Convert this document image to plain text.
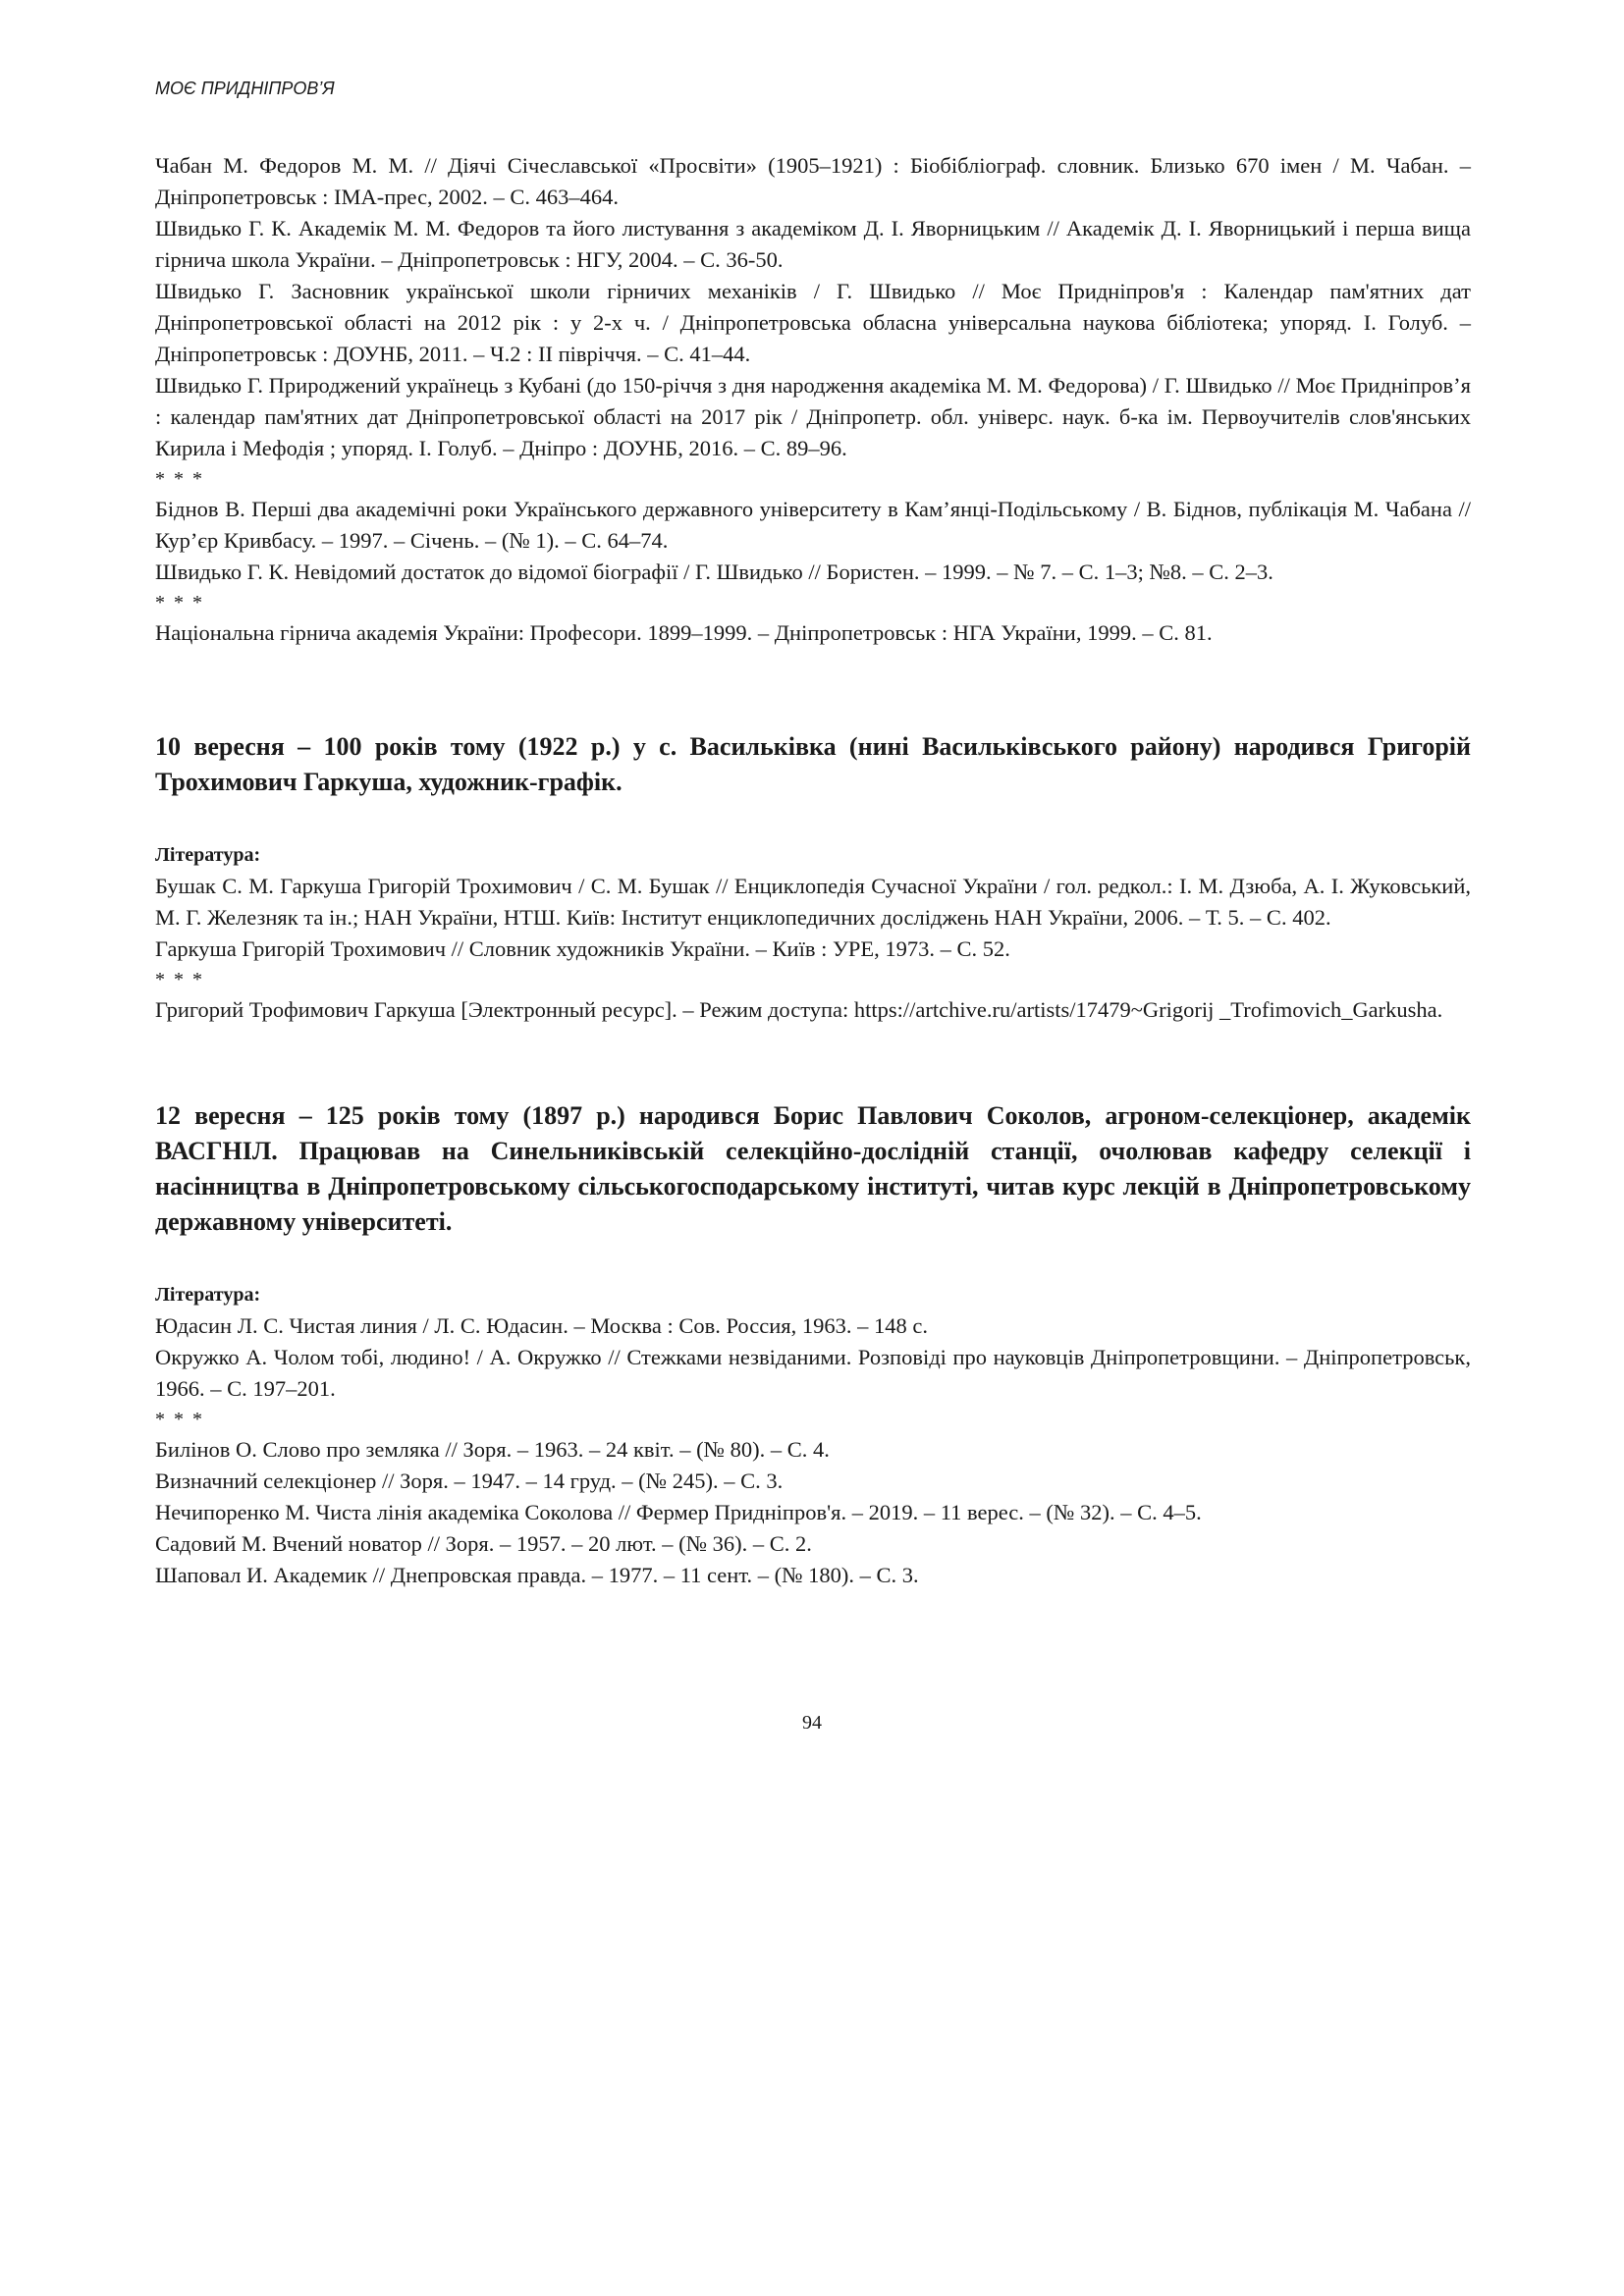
МОЄ ПРИДНІПРОВ’Я

Чабан М. Федоров М. М. // Діячі Січеславської «Просвіти» (1905–1921) : Біобібліограф. словник. Близько 670 імен / М. Чабан. – Дніпропетровськ : ІМА-прес, 2002. – С. 463–464.

Швидько Г. К. Академік М. М. Федоров та його листування з академіком Д. І. Яворницьким // Академік Д. І. Яворницький і перша вища гірнича школа України. – Дніпропетровськ : НГУ, 2004. – С. 36-50.

Швидько Г. Засновник української школи гірничих механіків / Г. Швидько // Моє Придніпров'я : Календар пам'ятних дат Дніпропетровської області на 2012 рік : у 2-х ч. / Дніпропетровська обласна універсальна наукова бібліотека; упоряд. І. Голуб. – Дніпропетровськ : ДОУНБ, 2011. – Ч.2 : ІІ півріччя. – С. 41–44.

Швидько Г. Природжений українець з Кубані (до 150-річчя з дня народження академіка М. М. Федорова) / Г. Швидько // Моє Придніпров’я : календар пам'ятних дат Дніпропетровської області на 2017 рік / Дніпропетр. обл. універс. наук. б-ка ім. Первоучителів слов'янських Кирила і Мефодія ; упоряд. І. Голуб. – Дніпро : ДОУНБ, 2016. – С. 89–96.

* * *

Біднов В. Перші два академічні роки Українського державного університету в Кам’янці-Подільському / В. Біднов, публікація М. Чабана // Кур’єр Кривбасу. – 1997. – Січень. – (№ 1). – С. 64–74.

Швидько Г. К. Невідомий достаток до відомої біографії / Г. Швидько // Бористен. – 1999. – № 7. – С. 1–3; №8. – С. 2–3.

* * *

Національна гірнича академія України: Професори. 1899–1999. – Дніпропетровськ : НГА України, 1999. – С. 81.

10 вересня – 100 років тому (1922 р.) у с. Васильківка (нині Васильківського району) народився Григорій Трохимович Гаркуша, художник-графік.

Література:

Бушак С. М. Гаркуша Григорій Трохимович / С. М. Бушак // Енциклопедія Сучасної України / гол. редкол.: І. М. Дзюба, А. І. Жуковський, М. Г. Железняк та ін.; НАН України, НТШ. Київ: Інститут енциклопедичних досліджень НАН України, 2006. – Т. 5. – С. 402.

Гаркуша Григорій Трохимович // Словник художників України. – Київ : УРЕ, 1973. – С. 52.

* * *

Григорий Трофимович Гаркуша [Электронный ресурс]. – Режим доступа: https://artchive.ru/artists/17479~Grigorij _Trofimovich_Garkusha.

12 вересня – 125 років тому (1897 р.) народився Борис Павлович Соколов, агроном-селекціонер, академік ВАСГНІЛ. Працював на Синельниківській селекційно-дослідній станції, очолював кафедру селекції і насінництва в Дніпропетровському сільськогосподарському інституті, читав курс лекцій в Дніпропетровському державному університеті.

Література:

Юдасин Л. С. Чистая линия / Л. С. Юдасин. – Москва : Сов. Россия, 1963. – 148 с.

Окружко А. Чолом тобі, людино! / А. Окружко // Стежками незвіданими. Розповіді про науковців Дніпропетровщини. – Дніпропетровськ, 1966. – С. 197–201.

* * *

Билінов О. Слово про земляка // Зоря. – 1963. – 24 квіт. – (№ 80). – С. 4.

Визначний селекціонер // Зоря. – 1947. – 14 груд. – (№ 245). – С. 3.

Нечипоренко М. Чиста лінія академіка Соколова // Фермер Придніпров'я. – 2019. – 11 верес. – (№ 32). – С. 4–5.

Садовий М. Вчений новатор // Зоря. – 1957. – 20 лют. – (№ 36). – С. 2.

Шаповал И. Академик // Днепровская правда. – 1977. – 11 сент. – (№ 180). – С. 3.

94
